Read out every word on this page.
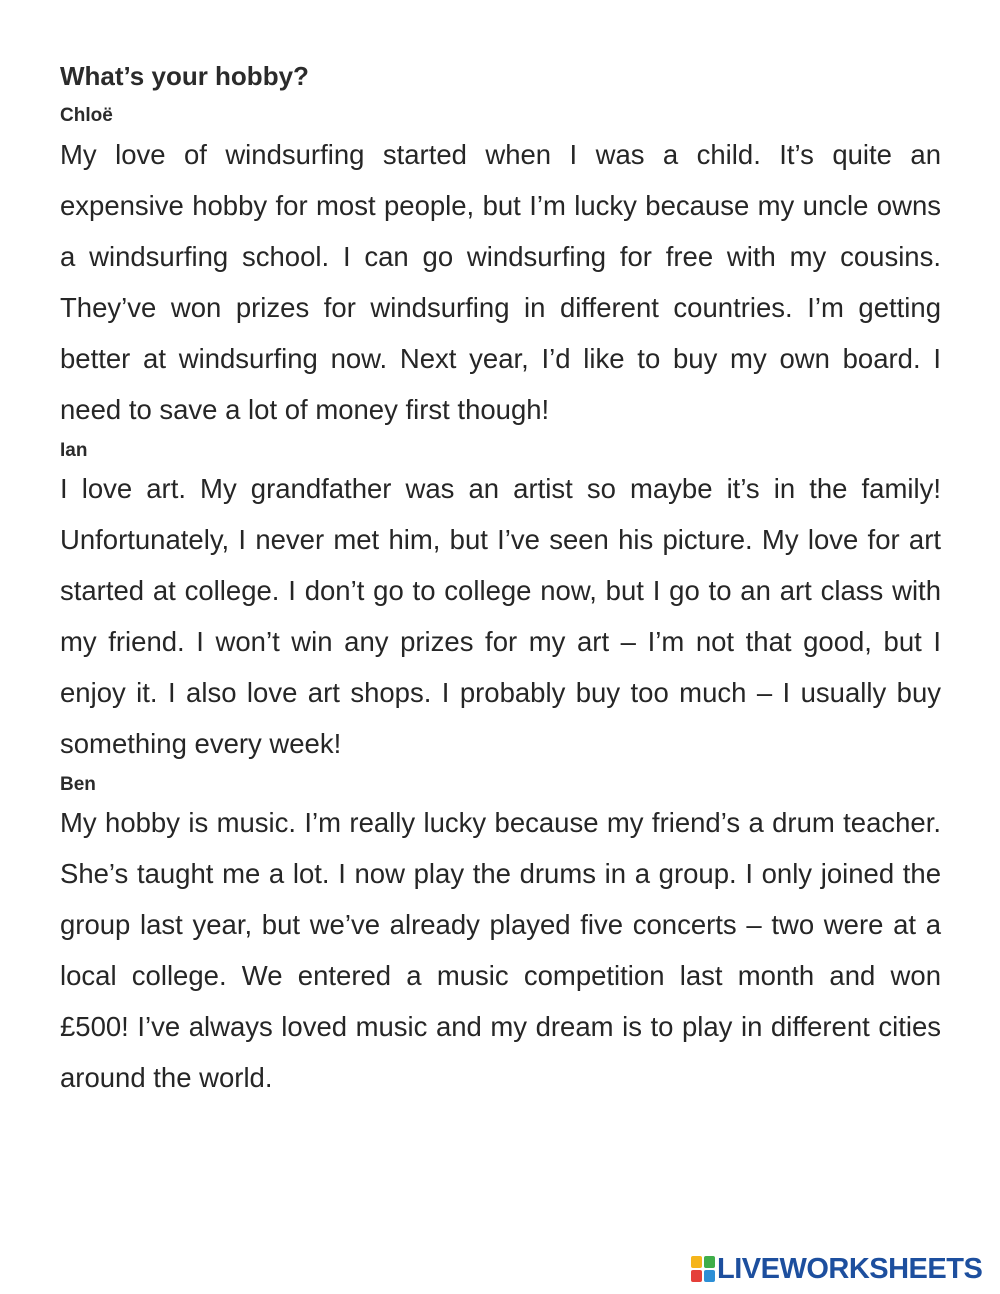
What’s your hobby?
Chloë

My love of windsurfing started when I was a child. It’s quite an expensive hobby for most people, but I’m lucky because my uncle owns a windsurfing school. I can go windsurfing for free with my cousins. They’ve won prizes for windsurfing in different countries. I’m getting better at windsurfing now. Next year, I’d like to buy my own board. I need to save a lot of money first though!

Ian

I love art. My grandfather was an artist so maybe it’s in the family! Unfortunately, I never met him, but I’ve seen his picture. My love for art started at college. I don’t go to college now, but I go to an art class with my friend. I won’t win any prizes for my art – I’m not that good, but I enjoy it. I also love art shops. I probably buy too much – I usually buy something every week!

Ben

My hobby is music. I’m really lucky because my friend’s a drum teacher. She’s taught me a lot. I now play the drums in a group. I only joined the group last year, but we’ve already played five concerts – two were at a local college. We entered a music competition last month and won £500! I’ve always loved music and my dream is to play in different cities around the world.

LIVEWORKSHEETS
